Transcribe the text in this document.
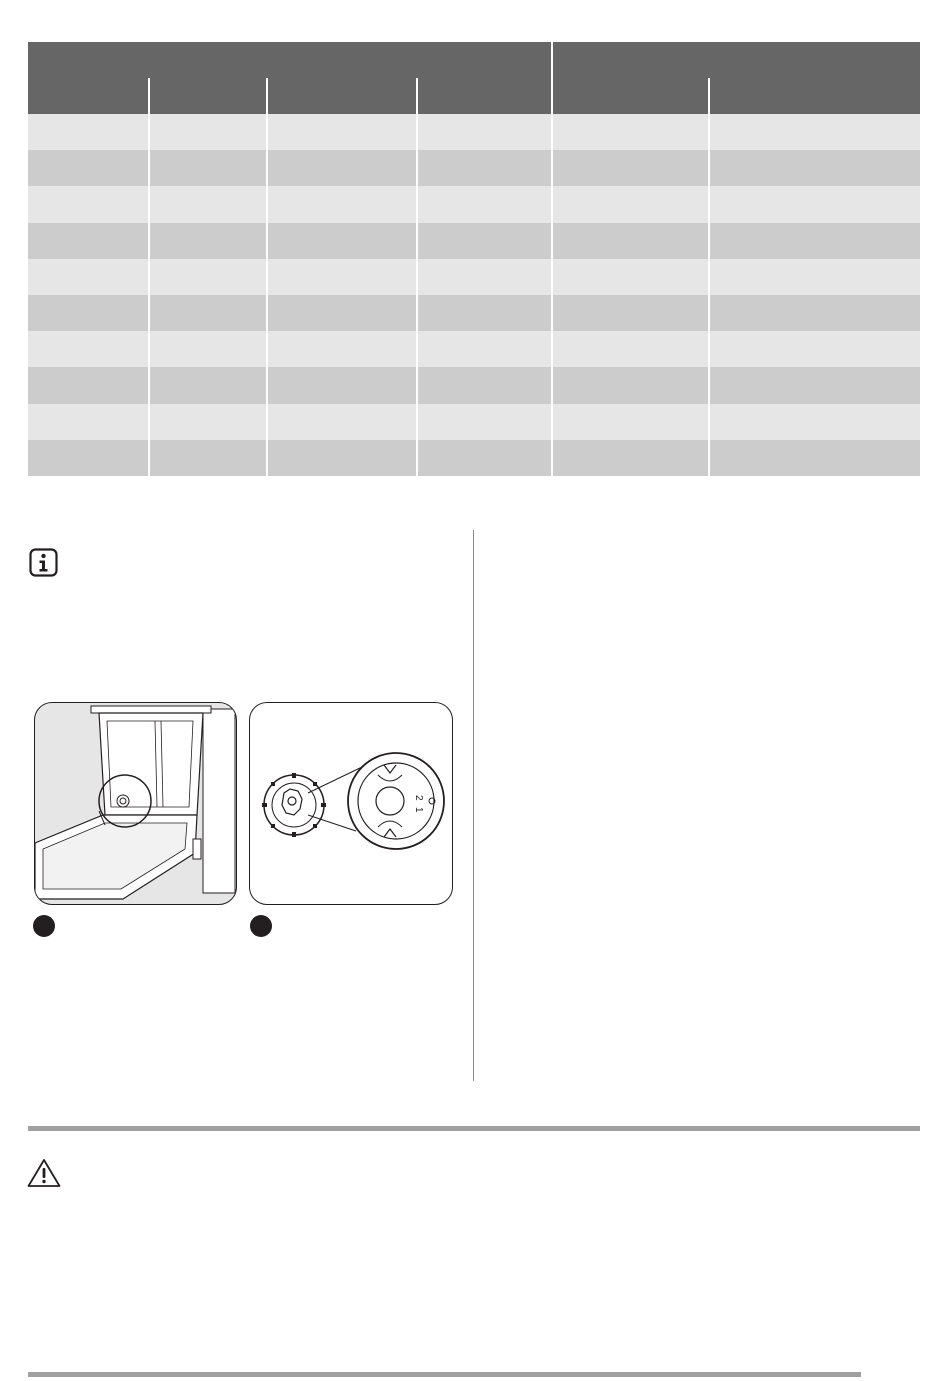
2
1
